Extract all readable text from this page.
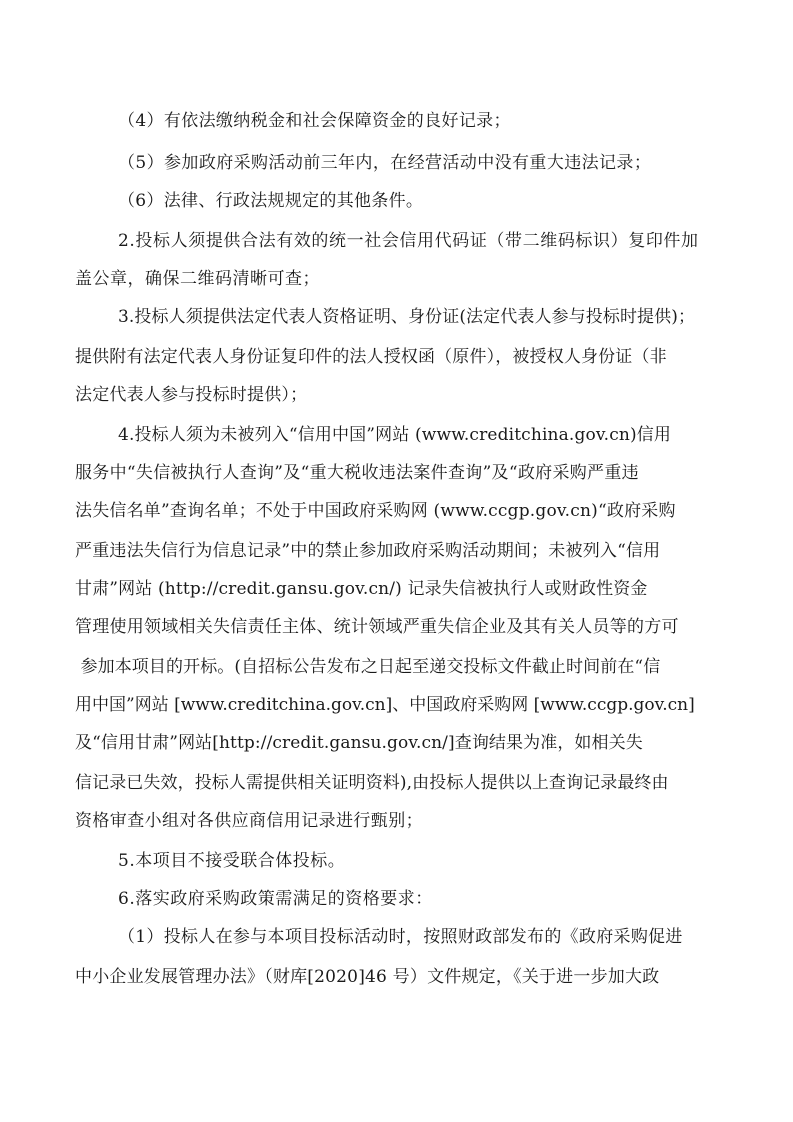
（4）有依法缴纳税金和社会保障资金的良好记录；
（5）参加政府采购活动前三年内，在经营活动中没有重大违法记录；
（6）法律、行政法规规定的其他条件。
2.投标人须提供合法有效的统一社会信用代码证（带二维码标识）复印件加
盖公章，确保二维码清晰可查；
3.投标人须提供法定代表人资格证明、身份证(法定代表人参与投标时提供)；
提供附有法定代表人身份证复印件的法人授权函（原件），被授权人身份证（非
法定代表人参与投标时提供）；
4.投标人须为未被列入“信用中国”网站 (www.creditchina.gov.cn)信用
服务中“失信被执行人查询”及“重大税收违法案件查询”及“政府采购严重违
法失信名单”查询名单；不处于中国政府采购网 (www.ccgp.gov.cn)“政府采购
严重违法失信行为信息记录”中的禁止参加政府采购活动期间；未被列入“信用
甘肃”网站 (http://credit.gansu.gov.cn/) 记录失信被执行人或财政性资金
管理使用领域相关失信责任主体、统计领域严重失信企业及其有关人员等的方可
参加本项目的开标。(自招标公告发布之日起至递交投标文件截止时间前在“信
用中国”网站 [www.creditchina.gov.cn]、中国政府采购网 [www.ccgp.gov.cn]
及“信用甘肃”网站[http://credit.gansu.gov.cn/]查询结果为准，如相关失
信记录已失效，投标人需提供相关证明资料),由投标人提供以上查询记录最终由
资格审查小组对各供应商信用记录进行甄别；
5.本项目不接受联合体投标。
6.落实政府采购政策需满足的资格要求：
（1）投标人在参与本项目投标活动时，按照财政部发布的《政府采购促进
中小企业发展管理办法》（财库[2020]46 号）文件规定，《关于进一步加大政
